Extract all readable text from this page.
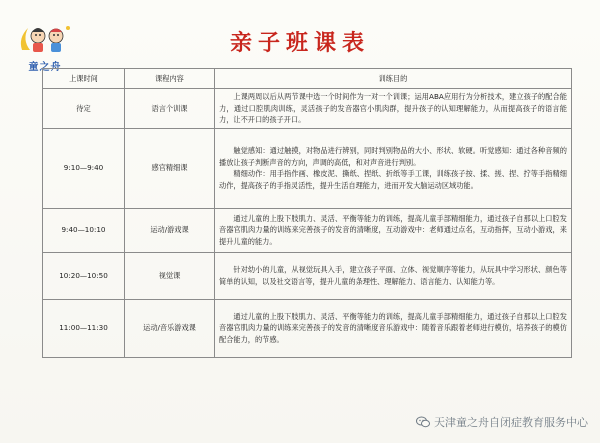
童之舟
亲子班课表
上课时间	课程内容	训练目的
待定	语言个训课	上课两周以后从两节课中选一个时间作为一对一个训课；运用ABA应用行为分析技术，建立孩子的配合能力，通过口腔肌肉训练，灵活孩子的发音器官小肌肉群，提升孩子的认知理解能力，从而提高孩子的语言能力，让不开口的孩子开口。

9:10—9:40	感官精细课	触觉感知：通过触摸，对物品进行辨别，同时判别物品的大小、形状、软硬。听觉感知：通过各种音频的播放让孩子判断声音的方向，声调的高低，和对声音进行判别。

精细动作：用手指作画、橡皮泥、撕纸、捏纸、折纸等手工课，训练孩子按、揉、搓、捏、拧等手指精细动作，提高孩子的手指灵活性，提升生活自理能力，进而开发大脑运动区域功能。

9:40—10:10	运动/游戏课	通过儿童的上股下肢肌力、灵活、平衡等能力的训练，提高儿童手部精细能力，通过孩子自那以上口腔发音器官肌肉力量的训练来完善孩子的发音的清晰度，互动游戏中：老师通过点名，互动指挥，互动小游戏，来提升儿童的能力。

10:20—10:50	视觉课	针对幼小的儿童，从视觉玩具入手，建立孩子平面、立体、视觉顺序等能力，从玩具中学习形状、颜色等简单的认知，以及社交语言等，提升儿童的条理性、理解能力、语言能力、认知能力等。

11:00—11:30	运动/音乐游戏课	通过儿童的上股下肢肌力、灵活、平衡等能力的训练，提高儿童手部精细能力，通过孩子自那以上口腔发音器官肌肉力量的训练来完善孩子的发音的清晰度音乐游戏中：随着音乐跟着老师进行模仿，培养孩子的模仿配合能力，的节感。

天津童之舟自闭症教育服务中心
